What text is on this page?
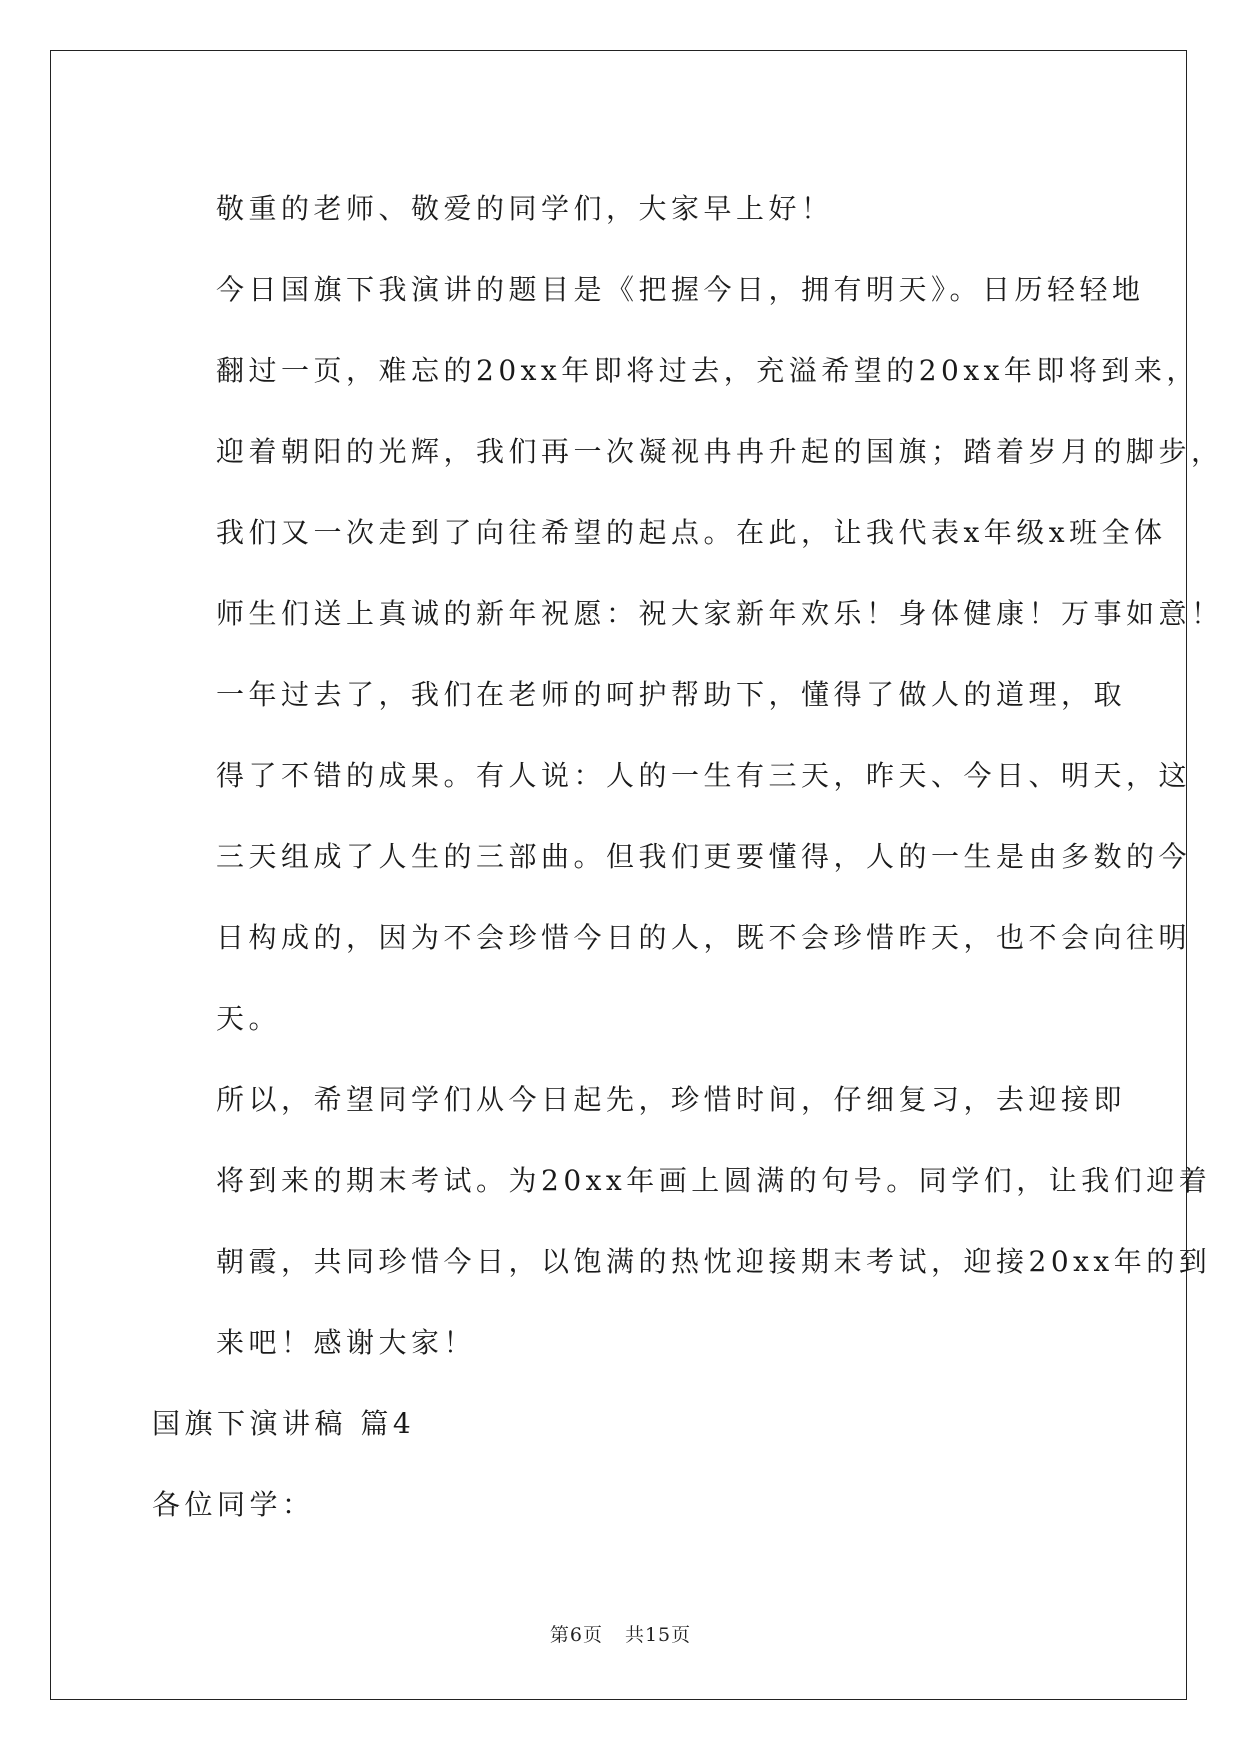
敬重的老师、敬爱的同学们，大家早上好！
今日国旗下我演讲的题目是《把握今日，拥有明天》。日历轻轻地
翻过一页，难忘的20xx年即将过去，充溢希望的20xx年即将到来，
迎着朝阳的光辉，我们再一次凝视冉冉升起的国旗；踏着岁月的脚步，
我们又一次走到了向往希望的起点。在此，让我代表x年级x班全体
师生们送上真诚的新年祝愿：祝大家新年欢乐！身体健康！万事如意！
一年过去了，我们在老师的呵护帮助下，懂得了做人的道理，取
得了不错的成果。有人说：人的一生有三天，昨天、今日、明天，这
三天组成了人生的三部曲。但我们更要懂得，人的一生是由多数的今
日构成的，因为不会珍惜今日的人，既不会珍惜昨天，也不会向往明
天。
所以，希望同学们从今日起先，珍惜时间，仔细复习，去迎接即
将到来的期末考试。为20xx年画上圆满的句号。同学们，让我们迎着
朝霞，共同珍惜今日，以饱满的热忱迎接期末考试，迎接20xx年的到
来吧！感谢大家！

国旗下演讲稿 篇4

各位同学：

第6页 共15页
